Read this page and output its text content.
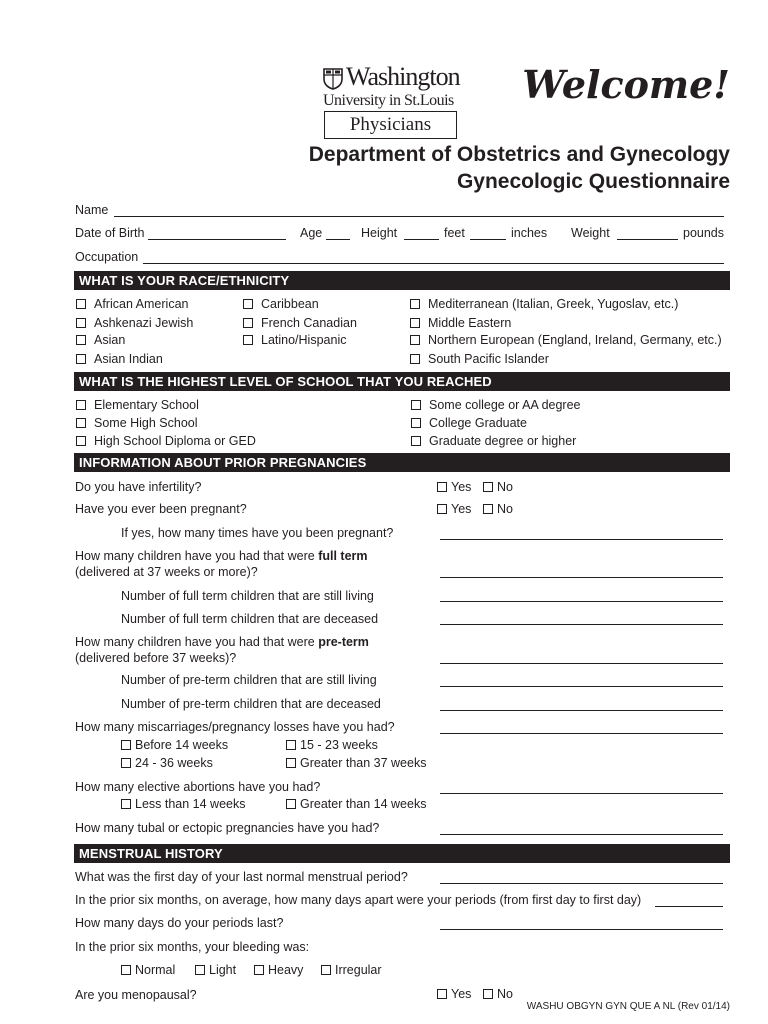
Washington
University in St.Louis
Physicians
Welcome!
Department of Obstetrics and Gynecology
Gynecologic Questionnaire
Name
Date of Birth	Age	Height	feet	inches Weight	pounds
Occupation
WHAT IS YOUR RACE/ETHNICITY
African American
Ashkenazi Jewish
Asian
Asian Indian
Caribbean
French Canadian
Latino/Hispanic
Mediterranean (Italian, Greek, Yugoslav, etc.)
Middle Eastern
Northern European (England, Ireland, Germany, etc.)
South Pacific Islander
WHAT IS THE HIGHEST LEVEL OF SCHOOL THAT YOU REACHED
Elementary School
Some High School
High School Diploma or GED
Some college or AA degree
College Graduate
Graduate degree or higher
INFORMATION ABOUT PRIOR PREGNANCIES
Do you have infertility?	Yes	No
Have you ever been pregnant?	Yes	No
If yes, how many times have you been pregnant?
How many children have you had that were full term
(delivered at 37 weeks or more)?
Number of full term children that are still living
Number of full term children that are deceased
How many children have you had that were pre-term
(delivered before 37 weeks)?
Number of pre-term children that are still living
Number of pre-term children that are deceased
How many miscarriages/pregnancy losses have you had?
Before 14 weeks	15 - 23 weeks
24 - 36 weeks	Greater than 37 weeks
How many elective abortions have you had?
Less than 14 weeks	Greater than 14 weeks
How many tubal or ectopic pregnancies have you had?
MENSTRUAL HISTORY
What was the first day of your last normal menstrual period?
In the prior six months, on average, how many days apart were your periods (from first day to first day)
How many days do your periods last?
In the prior six months, your bleeding was:
Normal	Light	Heavy	Irregular
Are you menopausal?	Yes	No
WASHU OBGYN GYN QUE A NL (Rev 01/14)
